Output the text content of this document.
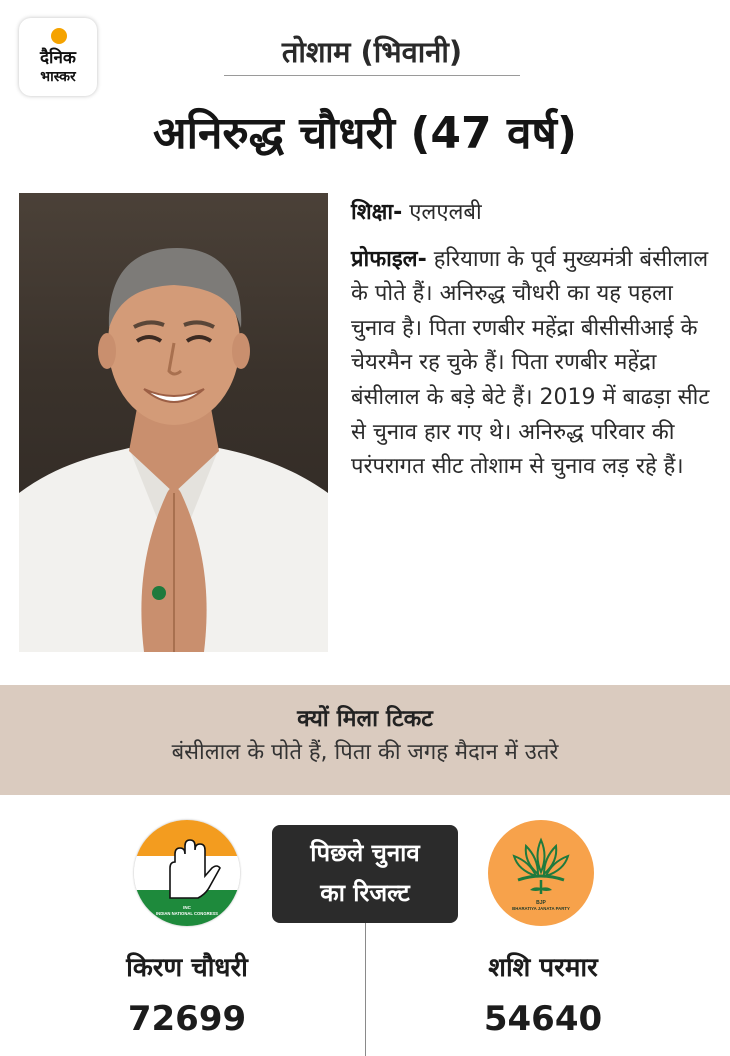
दैनिक
भास्कर
तोशाम (भिवानी)
अनिरुद्ध चौधरी (47 वर्ष)
शिक्षा- एलएलबी
प्रोफाइल- हरियाणा के पूर्व मुख्यमंत्री बंसीलाल के पोते हैं। अनिरुद्ध चौधरी का यह पहला चुनाव है। पिता रणबीर महेंद्रा बीसीसीआई के चेयरमैन रह चुके हैं। पिता रणबीर महेंद्रा बंसीलाल के बड़े बेटे हैं। 2019 में बाढड़ा सीट से चुनाव हार गए थे। अनिरुद्ध परिवार की परंपरागत सीट तोशाम से चुनाव लड़ रहे हैं।
क्यों मिला टिकट
बंसीलाल के पोते हैं, पिता की जगह मैदान में उतरे
INC
INDIAN NATIONAL CONGRESS
पिछले चुनाव
का रिजल्ट	BJP
BHARATIYA JANATA PARTY
किरण चौधरी
72699
शशि परमार
54640
